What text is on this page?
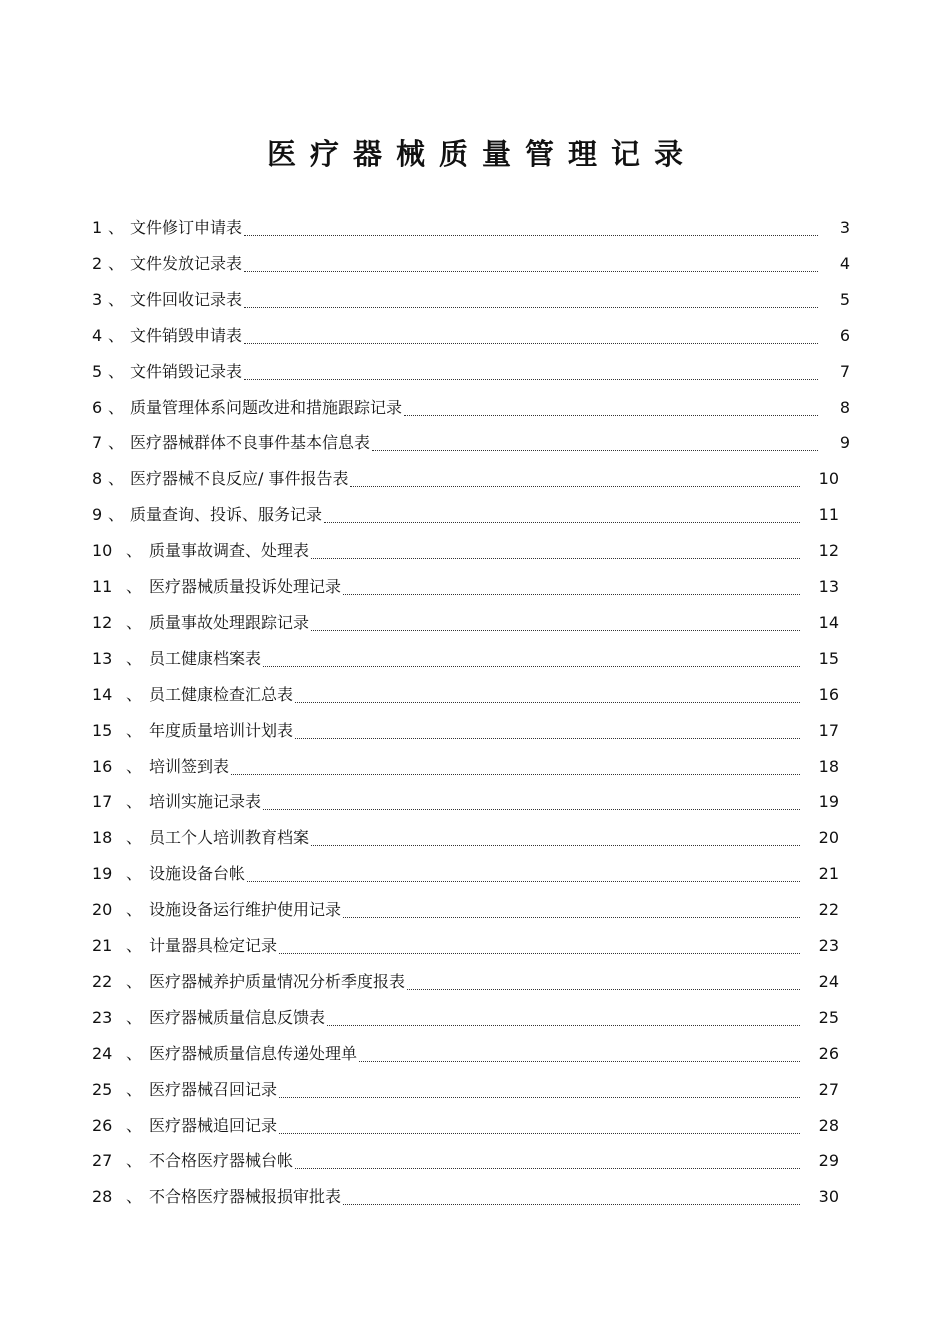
医疗器械质量管理记录
1 、 文件修订申请表	3
2 、 文件发放记录表	4
3 、 文件回收记录表	5
4 、 文件销毁申请表	6
5 、 文件销毁记录表	7
6 、 质量管理体系问题改进和措施跟踪记录	8
7 、 医疗器械群体不良事件基本信息表	9
8 、 医疗器械不良反应/ 事件报告表	10
9 、 质量查询、投诉、服务记录	11
10 、 质量事故调查、处理表	12
11 、 医疗器械质量投诉处理记录	13
12 、 质量事故处理跟踪记录	14
13 、 员工健康档案表	15
14 、 员工健康检查汇总表	16
15 、 年度质量培训计划表	17
16 、 培训签到表	18
17 、 培训实施记录表	19
18 、 员工个人培训教育档案	20
19 、 设施设备台帐	21
20 、 设施设备运行维护使用记录	22
21 、 计量器具检定记录	23
22 、 医疗器械养护质量情况分析季度报表	24
23 、 医疗器械质量信息反馈表	25
24 、 医疗器械质量信息传递处理单	26
25 、 医疗器械召回记录	27
26 、 医疗器械追回记录	28
27 、 不合格医疗器械台帐	29
28 、 不合格医疗器械报损审批表	30
